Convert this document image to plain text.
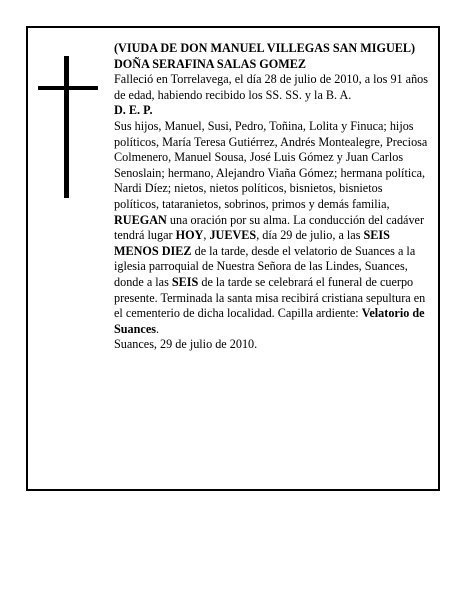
(VIUDA DE DON MANUEL VILLEGAS SAN MIGUEL)

DOÑA SERAFINA SALAS GOMEZ

Falleció en Torrelavega, el día 28 de julio de 2010, a los 91 años de edad, habiendo recibido los SS. SS. y la B. A.

D. E. P.

Sus hijos, Manuel, Susi, Pedro, Toñina, Lolita y Finuca; hijos políticos, María Teresa Gutiérrez, Andrés Montealegre, Preciosa Colmenero, Manuel Sousa, José Luis Gómez y Juan Carlos Senoslain; hermano, Alejandro Viaña Gómez; hermana política, Nardi Díez; nietos, nietos políticos, bisnietos, bisnietos políticos, tataranietos, sobrinos, primos y demás familia,

RUEGAN una oración por su alma. La conducción del cadáver tendrá lugar HOY, JUEVES, día 29 de julio, a las SEIS MENOS DIEZ de la tarde, desde el velatorio de Suances a la iglesia parroquial de Nuestra Señora de las Lindes, Suances, donde a las SEIS de la tarde se celebrará el funeral de cuerpo presente. Terminada la santa misa recibirá cristiana sepultura en el cementerio de dicha localidad. Capilla ardiente: Velatorio de Suances.

Suances, 29 de julio de 2010.
